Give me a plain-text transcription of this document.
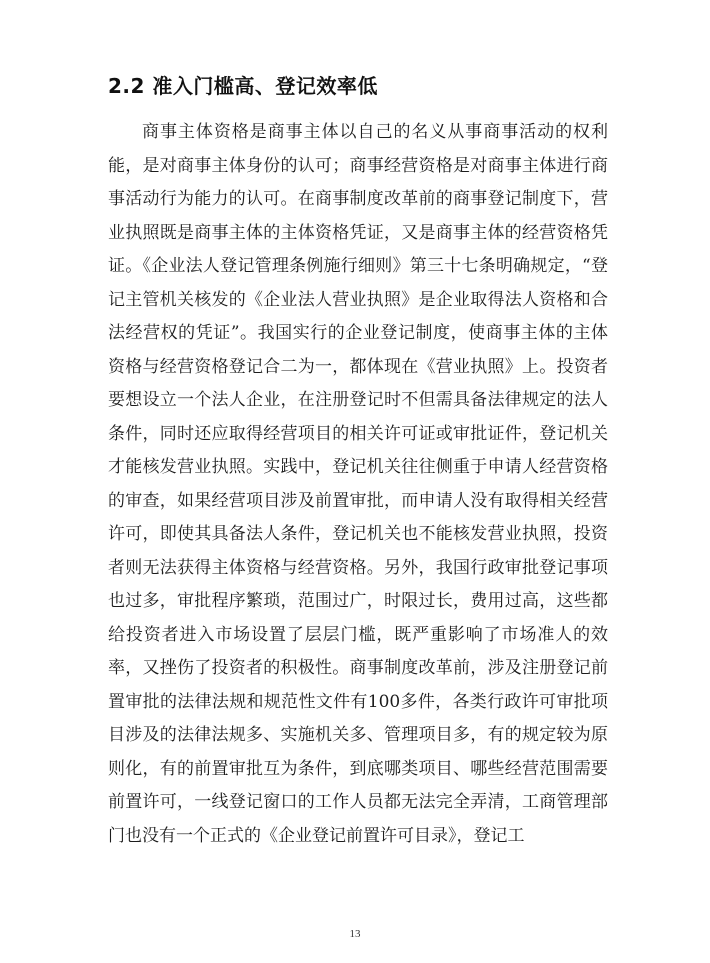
2.2 准入门槛高、登记效率低

商事主体资格是商事主体以自己的名义从事商事活动的权利能，是对商事主体身份的认可；商事经营资格是对商事主体进行商事活动行为能力的认可。在商事制度改革前的商事登记制度下，营业执照既是商事主体的主体资格凭证，又是商事主体的经营资格凭证。《企业法人登记管理条例施行细则》第三十七条明确规定，“登记主管机关核发的《企业法人营业执照》是企业取得法人资格和合法经营权的凭证”。我国实行的企业登记制度，使商事主体的主体资格与经营资格登记合二为一，都体现在《营业执照》上。投资者要想设立一个法人企业，在注册登记时不但需具备法律规定的法人条件，同时还应取得经营项目的相关许可证或审批证件，登记机关才能核发营业执照。实践中，登记机关往往侧重于申请人经营资格的审查，如果经营项目涉及前置审批，而申请人没有取得相关经营许可，即使其具备法人条件，登记机关也不能核发营业执照，投资者则无法获得主体资格与经营资格。另外，我国行政审批登记事项也过多，审批程序繁琐，范围过广，时限过长，费用过高，这些都给投资者进入市场设置了层层门槛，既严重影响了市场准人的效率，又挫伤了投资者的积极性。商事制度改革前，涉及注册登记前置审批的法律法规和规范性文件有100多件，各类行政许可审批项目涉及的法律法规多、实施机关多、管理项目多，有的规定较为原则化，有的前置审批互为条件，到底哪类项目、哪些经营范围需要前置许可，一线登记窗口的工作人员都无法完全弄清，工商管理部门也没有一个正式的《企业登记前置许可目录》，登记工

13
